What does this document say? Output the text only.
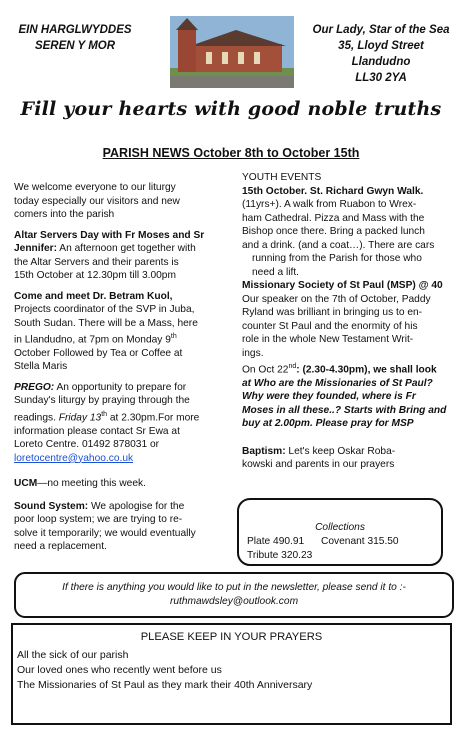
EIN HARGLWYDDES
SEREN Y MOR
Our Lady, Star of the Sea
35, Lloyd Street
Llandudno
LL30 2YA
Fill your hearts with good noble truths
PARISH NEWS October 8th to October 15th

We welcome everyone to our liturgy
today especially our visitors and new
comers into the parish

Altar Servers Day with Fr Moses and Sr
Jennifer: An afternoon get together with
the Altar Servers and their parents is
15th October at 12.30pm till 3.00pm

Come and meet Dr. Betram Kuol,
Projects coordinator of the SVP in Juba,
South Sudan. There will be a Mass, here
in Llandudno, at 7pm on Monday 9th
October Followed by Tea or Coffee at
Stella Maris

PREGO: An opportunity to prepare for
Sunday's liturgy by praying through the
readings. Friday 13th at 2.30pm.For more
information please contact Sr Ewa at
Loreto Centre. 01492 878031 or
loretocentre@yahoo.co.uk

UCM—no meeting this week.

Sound System: We apologise for the
poor loop system; we are trying to re-
solve it temporarily; we would eventually
need a replacement.

YOUTH EVENTS

15th October. St. Richard Gwyn Walk.
(11yrs+). A walk from Ruabon to Wrex-
ham Cathedral. Pizza and Mass with the
Bishop once there. Bring a packed lunch
and a drink. (and a coat…). There are cars

running from the Parish for those who
need a lift.

Missionary Society of St Paul (MSP) @ 40
Our speaker on the 7th of October, Paddy
Ryland was brilliant in bringing us to en-
counter St Paul and the enormity of his
role in the whole New Testament Writ-
ings.
On Oct 22nd: (2.30-4.30pm), we shall look
at Who are the Missionaries of St Paul?
Why were they founded, where is Fr
Moses in all these..? Starts with Bring and
buy at 2.00pm. Please pray for MSP

Baptism: Let's keep Oskar Roba-
kowski and parents in our prayers

Collections
Plate 490.91 Covenant 315.50
Tribute 320.23
If there is anything you would like to put in the newsletter, please send it to :-
ruthmawdsley@outlook.com
PLEASE KEEP IN YOUR PRAYERS
All the sick of our parish
Our loved ones who recently went before us
The Missionaries of St Paul as they mark their 40th Anniversary
